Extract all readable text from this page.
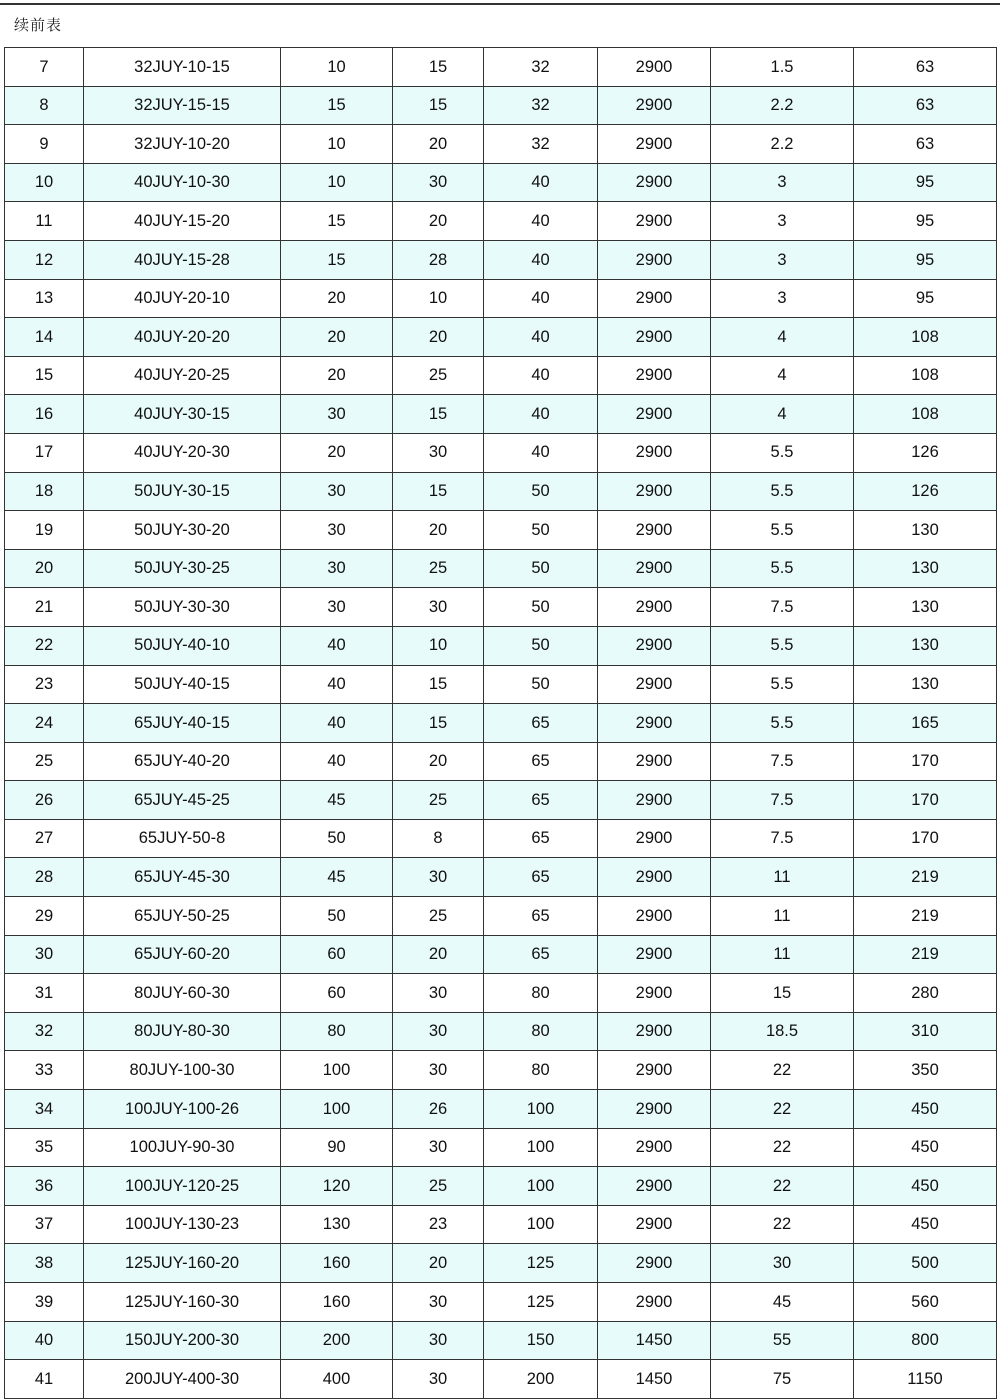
续前表
7	32JUY-10-15	10	15	32	2900	1.5	63
8	32JUY-15-15	15	15	32	2900	2.2	63
9	32JUY-10-20	10	20	32	2900	2.2	63
10	40JUY-10-30	10	30	40	2900	3	95
11	40JUY-15-20	15	20	40	2900	3	95
12	40JUY-15-28	15	28	40	2900	3	95
13	40JUY-20-10	20	10	40	2900	3	95
14	40JUY-20-20	20	20	40	2900	4	108
15	40JUY-20-25	20	25	40	2900	4	108
16	40JUY-30-15	30	15	40	2900	4	108
17	40JUY-20-30	20	30	40	2900	5.5	126
18	50JUY-30-15	30	15	50	2900	5.5	126
19	50JUY-30-20	30	20	50	2900	5.5	130
20	50JUY-30-25	30	25	50	2900	5.5	130
21	50JUY-30-30	30	30	50	2900	7.5	130
22	50JUY-40-10	40	10	50	2900	5.5	130
23	50JUY-40-15	40	15	50	2900	5.5	130
24	65JUY-40-15	40	15	65	2900	5.5	165
25	65JUY-40-20	40	20	65	2900	7.5	170
26	65JUY-45-25	45	25	65	2900	7.5	170
27	65JUY-50-8	50	8	65	2900	7.5	170
28	65JUY-45-30	45	30	65	2900	11	219
29	65JUY-50-25	50	25	65	2900	11	219
30	65JUY-60-20	60	20	65	2900	11	219
31	80JUY-60-30	60	30	80	2900	15	280
32	80JUY-80-30	80	30	80	2900	18.5	310
33	80JUY-100-30	100	30	80	2900	22	350
34	100JUY-100-26	100	26	100	2900	22	450
35	100JUY-90-30	90	30	100	2900	22	450
36	100JUY-120-25	120	25	100	2900	22	450
37	100JUY-130-23	130	23	100	2900	22	450
38	125JUY-160-20	160	20	125	2900	30	500
39	125JUY-160-30	160	30	125	2900	45	560
40	150JUY-200-30	200	30	150	1450	55	800
41	200JUY-400-30	400	30	200	1450	75	1150
